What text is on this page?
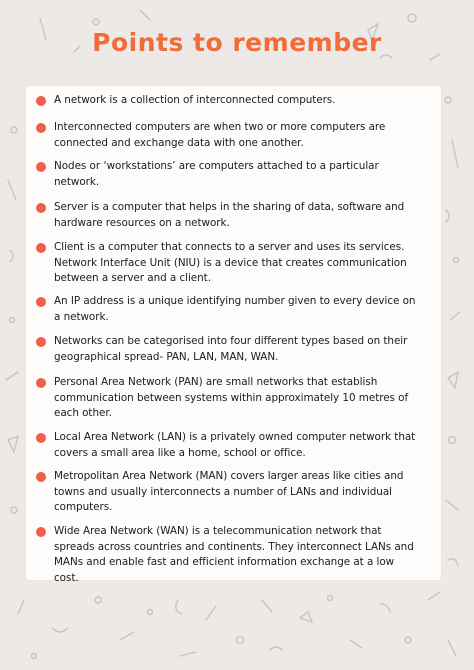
Points to remember
A network is a collection of interconnected computers.
Interconnected computers are when two or more computers are connected and exchange data with one another.
Nodes or ‘workstations’ are computers attached to a particular network.
Server is a computer that helps in the sharing of data, software and hardware resources on a network.
Client is a computer that connects to a server and uses its services. Network Interface Unit (NIU) is a device that creates communication between a server and a client.
An IP address is a unique identifying number given to every device on a network.
Networks can be categorised into four different types based on their geographical spread- PAN, LAN, MAN, WAN.
Personal Area Network (PAN) are small networks that establish communication between systems within approximately 10 metres of each other.
Local Area Network (LAN) is a privately owned computer network that covers a small area like a home, school or office.
Metropolitan Area Network (MAN) covers larger areas like cities and towns and usually interconnects a number of LANs and individual computers.
Wide Area Network (WAN) is a telecommunication network that spreads across countries and continents. They interconnect LANs and MANs and enable fast and efficient information exchange at a low cost.
